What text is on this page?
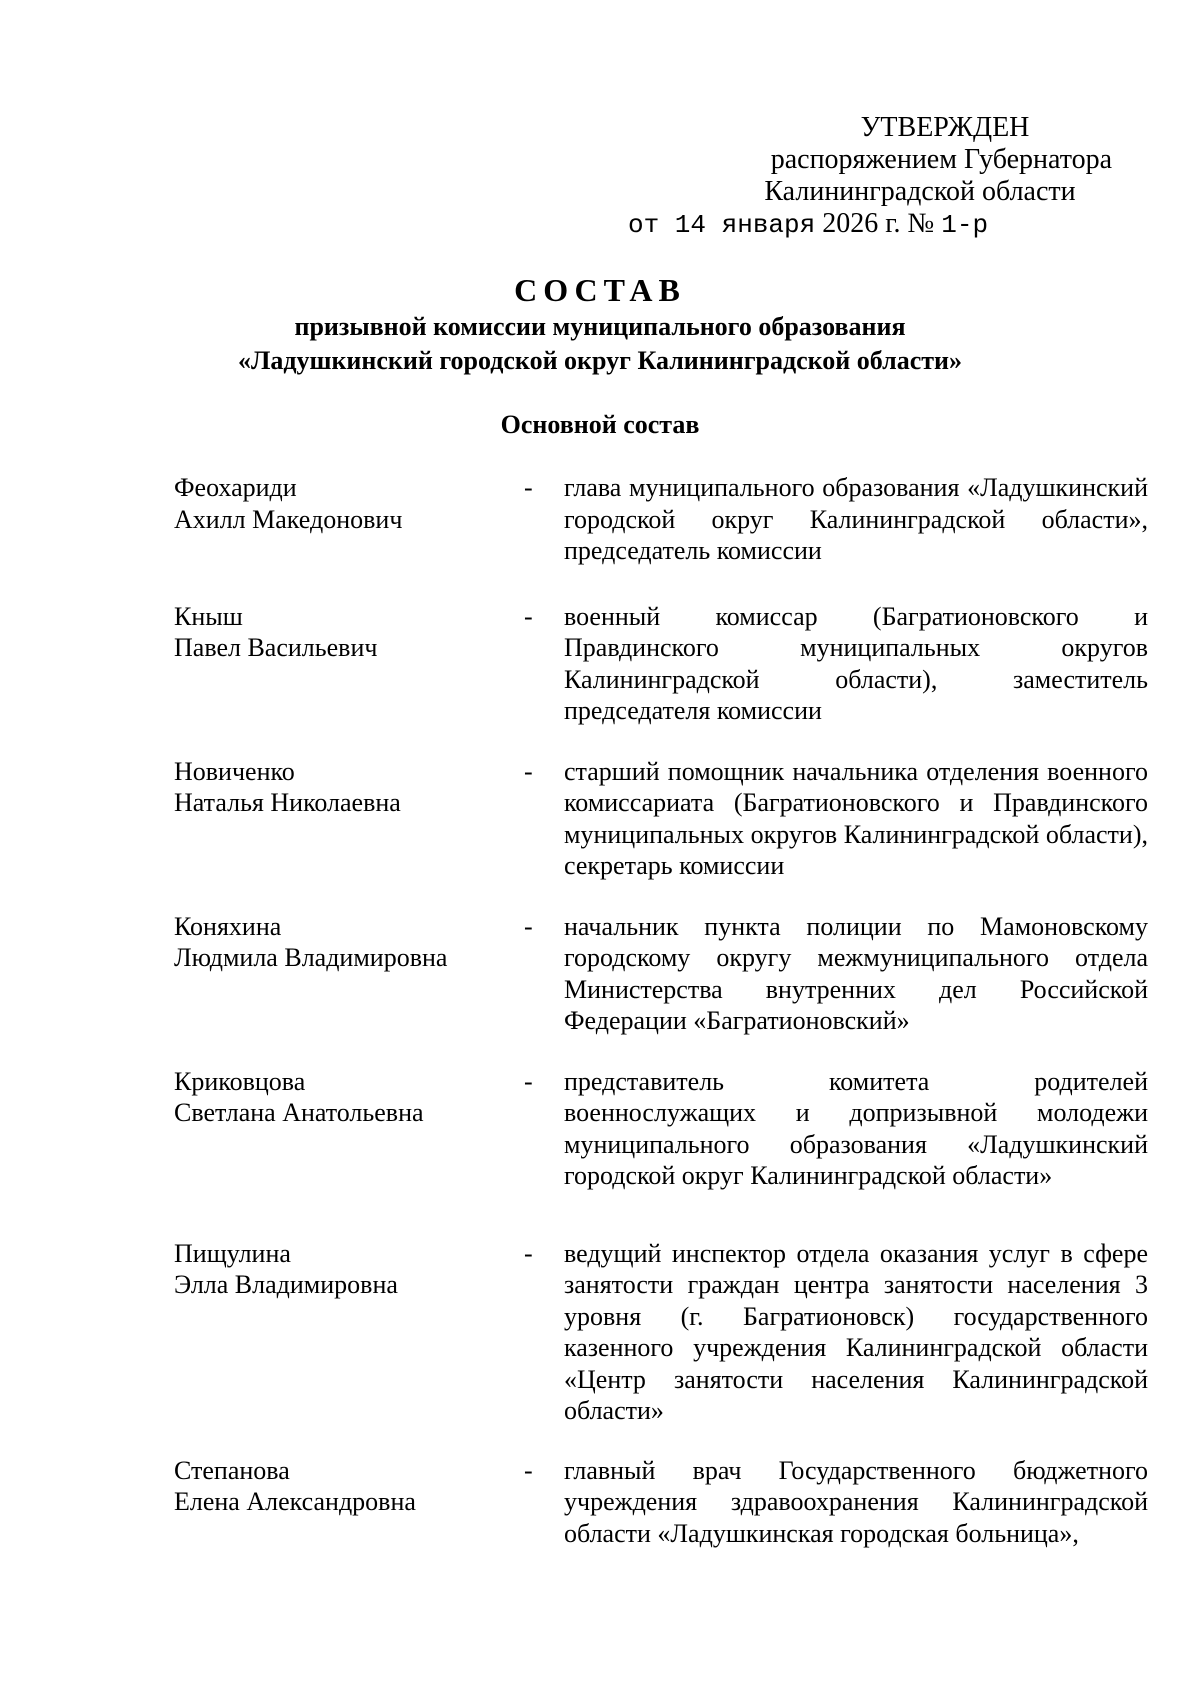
УТВЕРЖДЕН
распоряжением Губернатора
Калининградской области
от 14 января 2026 г. № 1-р
СОСТАВ
призывной комиссии муниципального образования
«Ладушкинский городской округ Калининградской области»
Основной состав
Феохариди
Ахилл Македонович
-	глава муниципального образования «Ладушкинский городской округ Калининградской области», председатель комиссии
Кныш
Павел Васильевич
-	военный комиссар (Багратионовского и Правдинского муниципальных округов Калининградской области), заместитель председателя комиссии
Новиченко
Наталья Николаевна
-	старший помощник начальника отделения военного комиссариата (Багратионовского и Правдинского муниципальных округов Калининградской области), секретарь комиссии
Коняхина
Людмила Владимировна
-	начальник пункта полиции по Мамоновскому городскому округу межмуниципального отдела Министерства внутренних дел Российской Федерации «Багратионовский»
Криковцова
Светлана Анатольевна
-	представитель комитета родителей военнослужащих и допризывной молодежи муниципального образования «Ладушкинский городской округ Калининградской области»
Пищулина
Элла Владимировна
-	ведущий инспектор отдела оказания услуг в сфере занятости граждан центра занятости населения 3 уровня (г. Багратионовск) государственного казенного учреждения Калининградской области «Центр занятости населения Калининградской области»
Степанова
Елена Александровна
-	главный врач Государственного бюджетного учреждения здравоохранения Калининградской области «Ладушкинская городская больница»,
